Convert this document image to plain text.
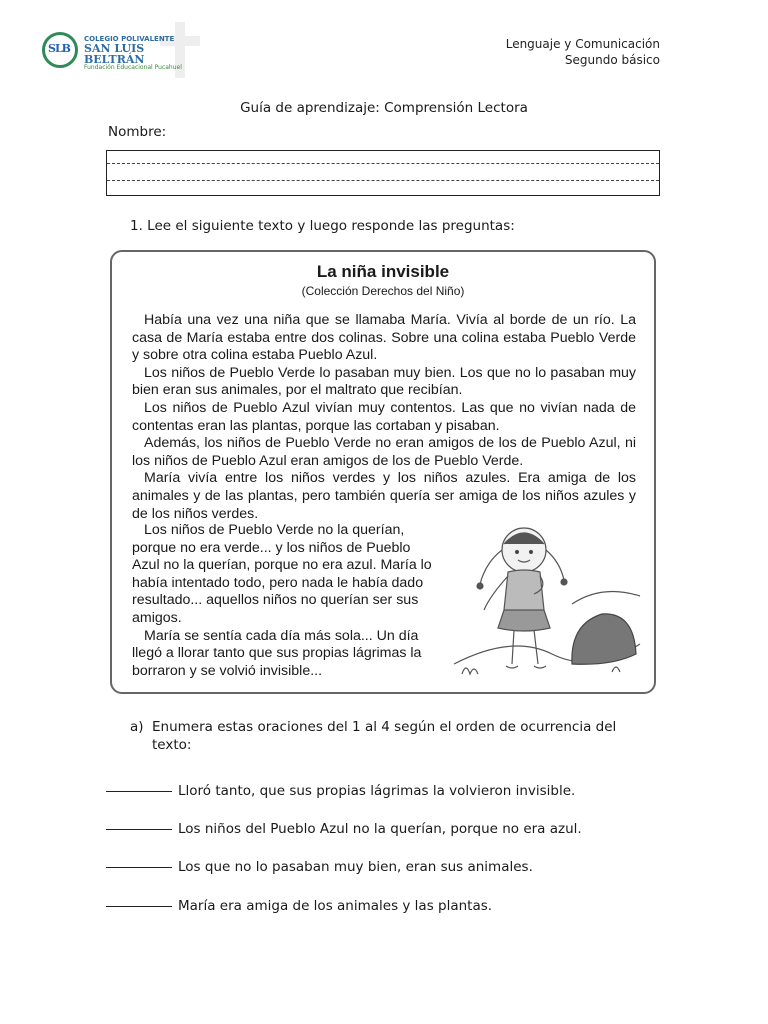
SLB
COLEGIO POLIVALENTE
SAN LUIS BELTRÁN
Fundación Educacional Pucahuel
Lenguaje y Comunicación
Segundo básico
Guía de aprendizaje: Comprensión Lectora
Nombre:
1. Lee el siguiente texto y luego responde las preguntas:
La niña invisible
(Colección Derechos del Niño)

Había una vez una niña que se llamaba María. Vivía al borde de un río. La casa de María estaba entre dos colinas. Sobre una colina estaba Pueblo Verde y sobre otra colina estaba Pueblo Azul.

Los niños de Pueblo Verde lo pasaban muy bien. Los que no lo pasaban muy bien eran sus animales, por el maltrato que recibían.

Los niños de Pueblo Azul vivían muy contentos. Las que no vivían nada de contentas eran las plantas, porque las cortaban y pisaban.

Además, los niños de Pueblo Verde no eran amigos de los de Pueblo Azul, ni los niños de Pueblo Azul eran amigos de los de Pueblo Verde.

María vivía entre los niños verdes y los niños azules. Era amiga de los animales y de las plantas, pero también quería ser amiga de los niños azules y de los niños verdes.

Los niños de Pueblo Verde no la querían, porque no era verde... y los niños de Pueblo Azul no la querían, porque no era azul. María lo había intentado todo, pero nada le había dado resultado... aquellos niños no querían ser sus amigos.

María se sentía cada día más sola... Un día llegó a llorar tanto que sus propias lágrimas la borraron y se volvió invisible...

a) Enumera estas oraciones del 1 al 4 según el orden de ocurrencia del texto:
Lloró tanto, que sus propias lágrimas la volvieron invisible.
Los niños del Pueblo Azul no la querían, porque no era azul.
Los que no lo pasaban muy bien, eran sus animales.
María era amiga de los animales y las plantas.
